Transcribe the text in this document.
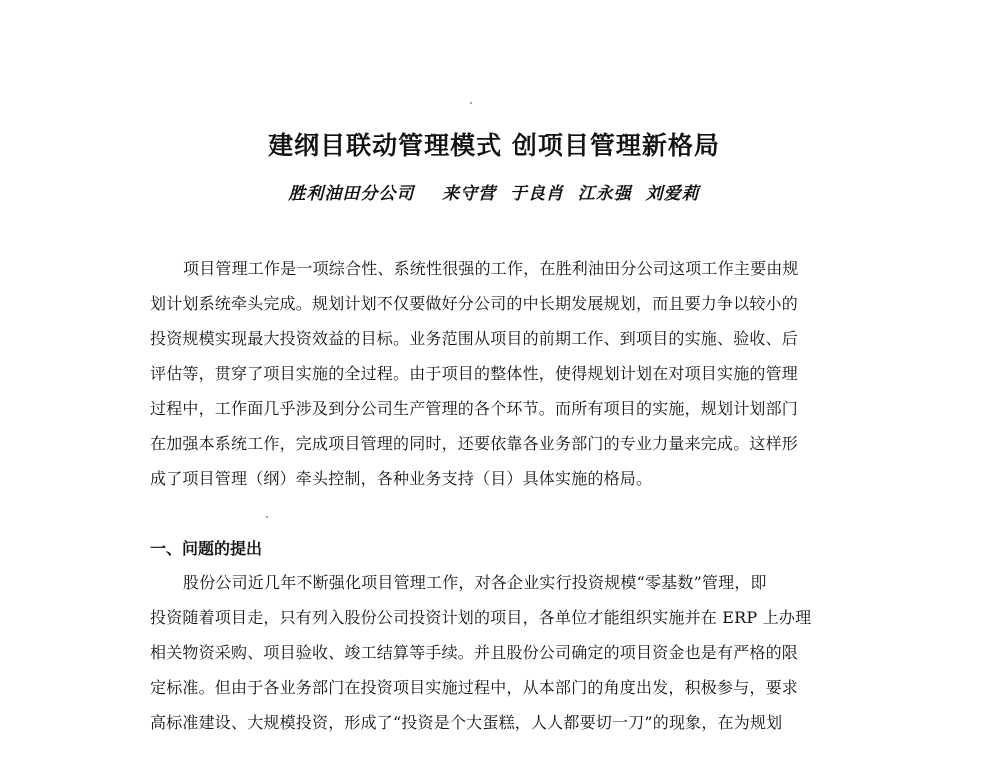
建纲目联动管理模式 创项目管理新格局
胜利油田分公司    来守营  于良肖  江永强  刘爱莉
项目管理工作是一项综合性、系统性很强的工作，在胜利油田分公司这项工作主要由规
划计划系统牵头完成。规划计划不仅要做好分公司的中长期发展规划，而且要力争以较小的
投资规模实现最大投资效益的目标。业务范围从项目的前期工作、到项目的实施、验收、后
评估等，贯穿了项目实施的全过程。由于项目的整体性，使得规划计划在对项目实施的管理
过程中，工作面几乎涉及到分公司生产管理的各个环节。而所有项目的实施，规划计划部门
在加强本系统工作，完成项目管理的同时，还要依靠各业务部门的专业力量来完成。这样形
成了项目管理（纲）牵头控制，各种业务支持（目）具体实施的格局。
一、问题的提出
股份公司近几年不断强化项目管理工作，对各企业实行投资规模“零基数”管理，即
投资随着项目走，只有列入股份公司投资计划的项目，各单位才能组织实施并在 ERP 上办理
相关物资采购、项目验收、竣工结算等手续。并且股份公司确定的项目资金也是有严格的限
定标准。但由于各业务部门在投资项目实施过程中，从本部门的角度出发，积极参与，要求
高标准建设、大规模投资，形成了“投资是个大蛋糕，人人都要切一刀”的现象，在为规划
